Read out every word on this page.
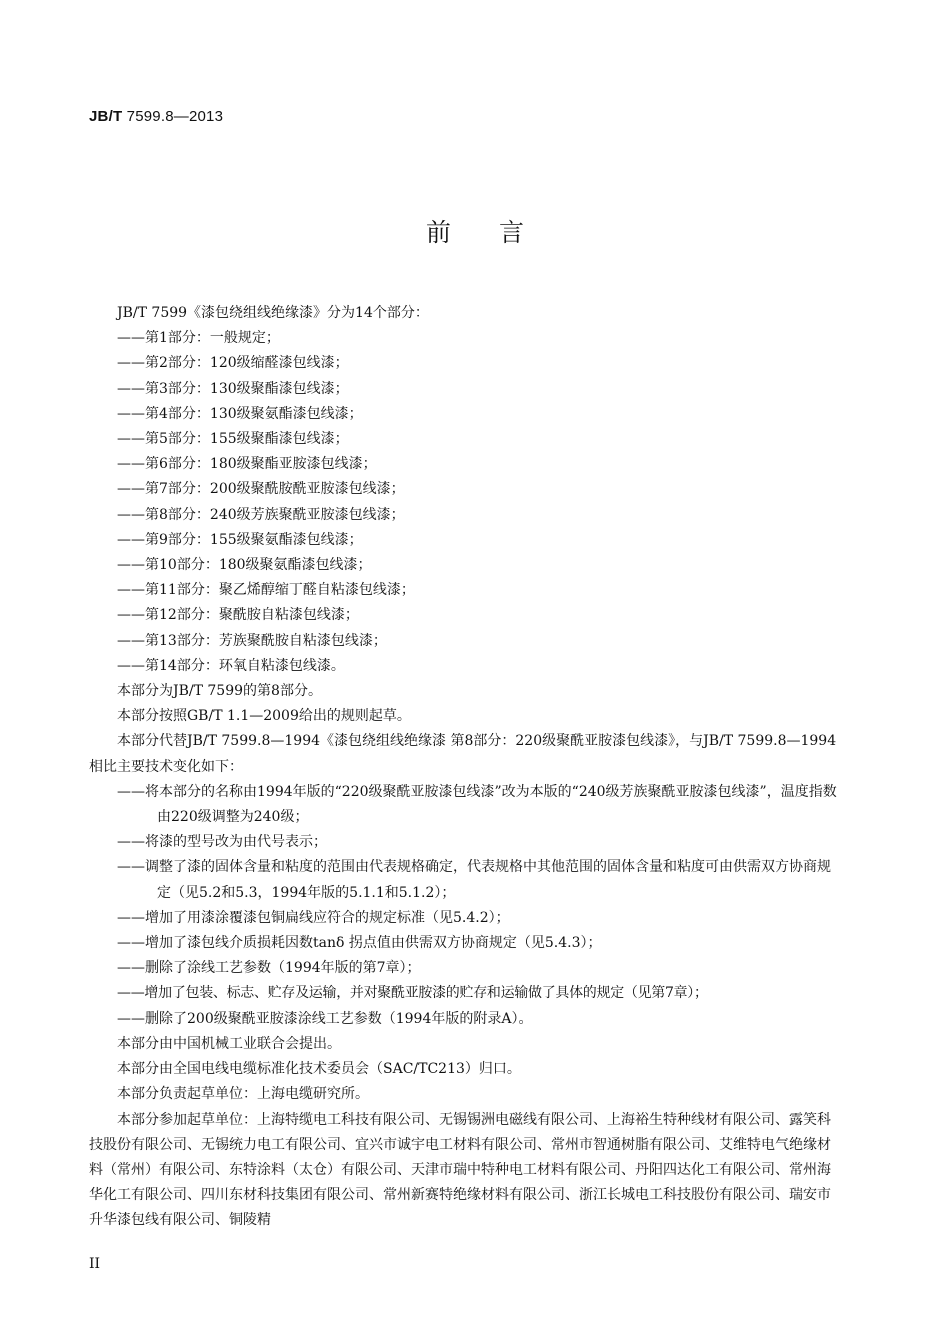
JB/T 7599.8—2013
前言
JB/T 7599《漆包绕组线绝缘漆》分为14个部分：
——第1部分：一般规定；
——第2部分：120级缩醛漆包线漆；
——第3部分：130级聚酯漆包线漆；
——第4部分：130级聚氨酯漆包线漆；
——第5部分：155级聚酯漆包线漆；
——第6部分：180级聚酯亚胺漆包线漆；
——第7部分：200级聚酰胺酰亚胺漆包线漆；
——第8部分：240级芳族聚酰亚胺漆包线漆；
——第9部分：155级聚氨酯漆包线漆；
——第10部分：180级聚氨酯漆包线漆；
——第11部分：聚乙烯醇缩丁醛自粘漆包线漆；
——第12部分：聚酰胺自粘漆包线漆；
——第13部分：芳族聚酰胺自粘漆包线漆；
——第14部分：环氧自粘漆包线漆。
本部分为JB/T 7599的第8部分。
本部分按照GB/T 1.1—2009给出的规则起草。
本部分代替JB/T 7599.8—1994《漆包绕组线绝缘漆 第8部分：220级聚酰亚胺漆包线漆》，与JB/T 7599.8—1994相比主要技术变化如下：
——将本部分的名称由1994年版的“220级聚酰亚胺漆包线漆”改为本版的“240级芳族聚酰亚胺漆包线漆”，温度指数由220级调整为240级；
——将漆的型号改为由代号表示；
——调整了漆的固体含量和粘度的范围由代表规格确定，代表规格中其他范围的固体含量和粘度可由供需双方协商规定（见5.2和5.3，1994年版的5.1.1和5.1.2）；
——增加了用漆涂覆漆包铜扁线应符合的规定标准（见5.4.2）；
——增加了漆包线介质损耗因数tanδ 拐点值由供需双方协商规定（见5.4.3）；
——删除了涂线工艺参数（1994年版的第7章）；
——增加了包装、标志、贮存及运输，并对聚酰亚胺漆的贮存和运输做了具体的规定（见第7章）；
——删除了200级聚酰亚胺漆涂线工艺参数（1994年版的附录A）。
本部分由中国机械工业联合会提出。
本部分由全国电线电缆标准化技术委员会（SAC/TC213）归口。
本部分负责起草单位：上海电缆研究所。
本部分参加起草单位：上海特缆电工科技有限公司、无锡锡洲电磁线有限公司、上海裕生特种线材有限公司、露笑科技股份有限公司、无锡统力电工有限公司、宜兴市诚宇电工材料有限公司、常州市智通树脂有限公司、艾维特电气绝缘材料（常州）有限公司、东特涂料（太仓）有限公司、天津市瑞中特种电工材料有限公司、丹阳四达化工有限公司、常州海华化工有限公司、四川东材科技集团有限公司、常州新赛特绝缘材料有限公司、浙江长城电工科技股份有限公司、瑞安市升华漆包线有限公司、铜陵精
II
